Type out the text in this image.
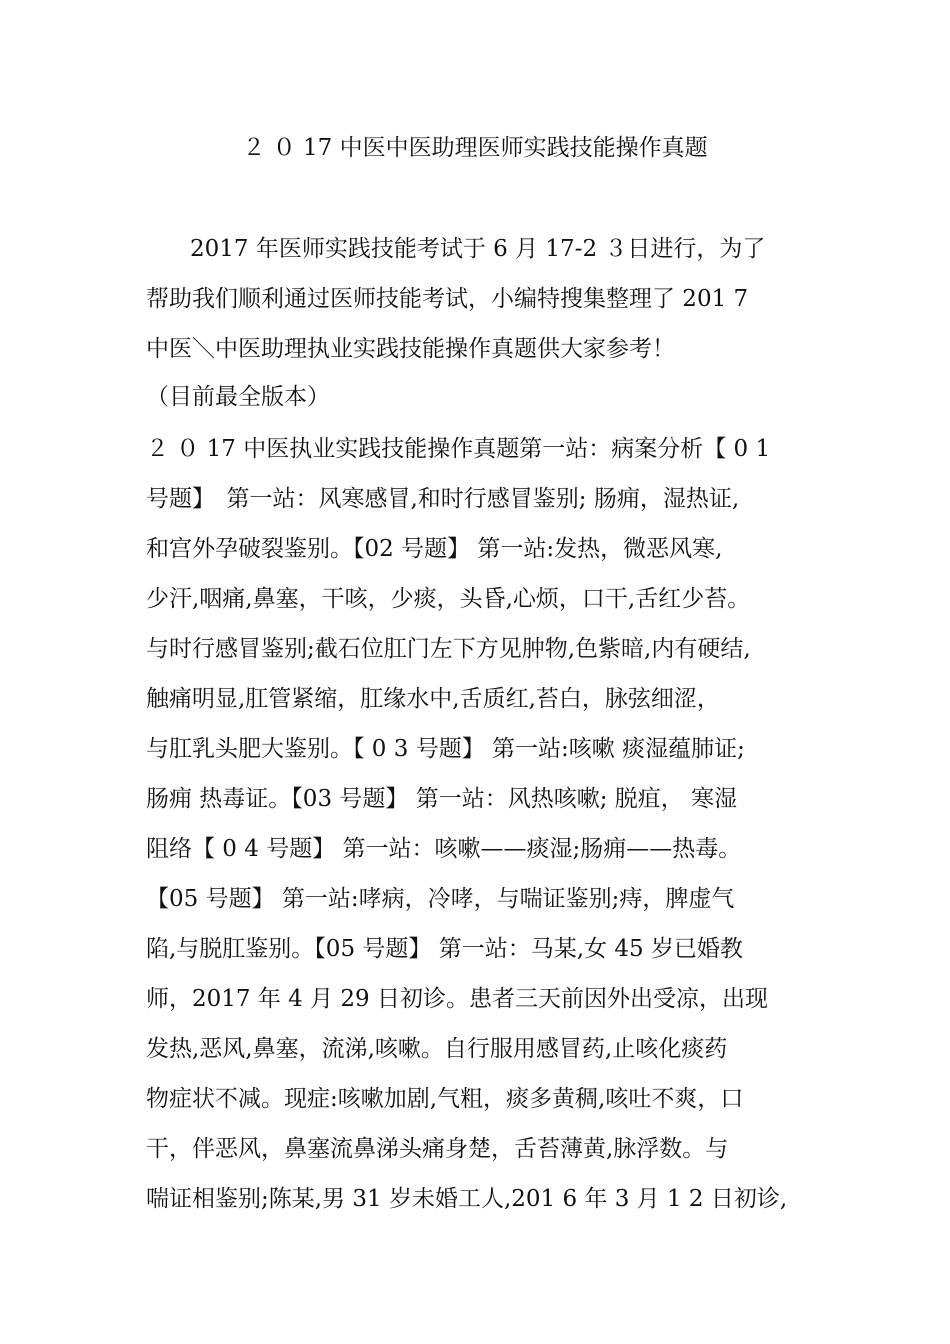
２ ０ 17 中医中医助理医师实践技能操作真题
2017 年医师实践技能考试于 6 月 17-2 ３日进行，为了
帮助我们顺利通过医师技能考试，小编特搜集整理了 201 7
中医＼中医助理执业实践技能操作真题供大家参考！
（目前最全版本）
２ ０ 17 中医执业实践技能操作真题第一站：病案分析【 0 1
号题】　第一站：风寒感冒,和时行感冒鉴别; 肠痈，湿热证,
和宫外孕破裂鉴别。【02 号题】 第一站:发热，微恶风寒,
少汗,咽痛,鼻塞，干咳，少痰，头昏,心烦，口干,舌红少苔。
与时行感冒鉴别;截石位肛门左下方见肿物,色紫暗,内有硬结,
触痛明显,肛管紧缩，肛缘水中,舌质红,苔白，脉弦细涩，
与肛乳头肥大鉴别。【 0 3 号题】 第一站:咳嗽 痰湿蕴肺证;
肠痈 热毒证。【03 号题】 第一站：风热咳嗽; 脱疽， 寒湿
阻络【 0 4 号题】 第一站：咳嗽——痰湿;肠痈——热毒。
【05 号题】 第一站:哮病，冷哮，与喘证鉴别;痔，脾虚气
陷,与脱肛鉴别。【05 号题】 第一站：马某,女 45 岁已婚教
师，2017 年 4 月 29 日初诊。患者三天前因外出受凉，出现
发热,恶风,鼻塞，流涕,咳嗽。自行服用感冒药,止咳化痰药
物症状不减。现症:咳嗽加剧,气粗，痰多黄稠,咳吐不爽，口
干，伴恶风，鼻塞流鼻涕头痛身楚，舌苔薄黄,脉浮数。与
喘证相鉴别;陈某,男 31 岁未婚工人,201 6 年 3 月 1 2 日初诊,
